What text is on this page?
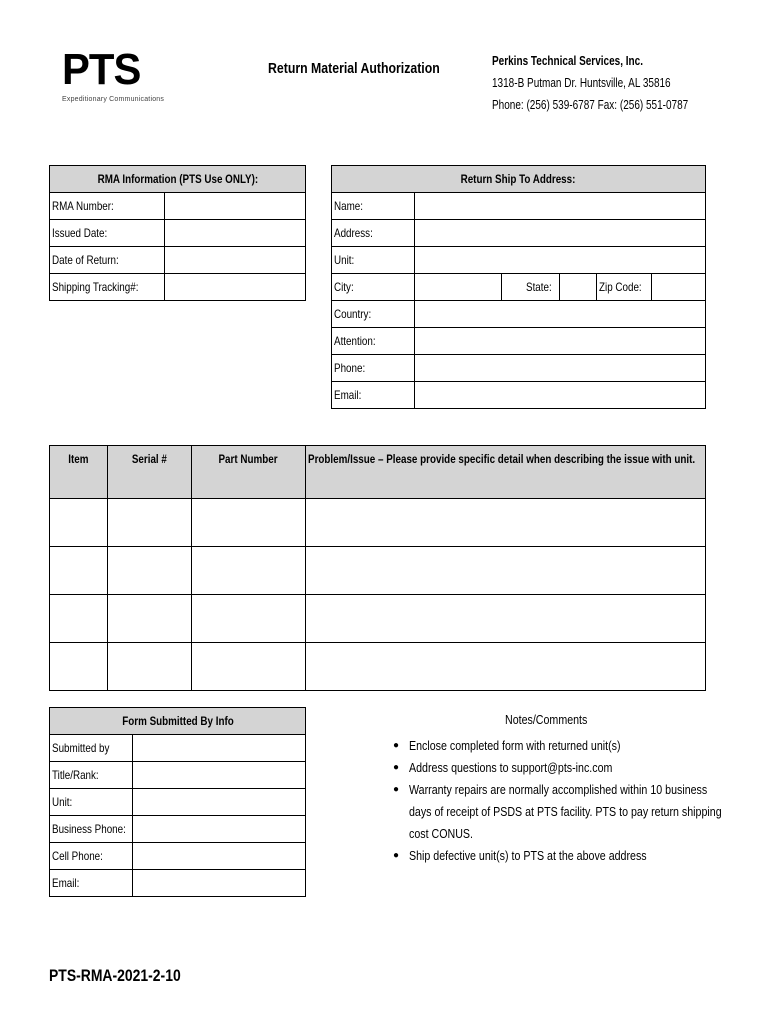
PTS
Expeditionary Communications
Return Material Authorization	Perkins Technical Services, Inc.
1318-B Putman Dr. Huntsville, AL 35816
Phone: (256) 539-6787 Fax: (256) 551-0787
RMA Information (PTS Use ONLY):	
RMA Number:	
Issued Date:	
Date of Return:	
Shipping Tracking#:	
Return Ship To Address:					
Name:					
Address:					
Unit:					
City:		State:		Zip Code:	
Country:					
Attention:					
Phone:					
Email:					
Item	Serial #	Part Number	Problem/Issue – Please provide specific detail when describing the issue with unit.

Form Submitted By Info	
Submitted by	
Title/Rank:	
Unit:	
Business Phone:	
Cell Phone:	
Email:	
Notes/Comments
● Enclose completed form with returned unit(s)
● Address questions to support@pts-inc.com
● Warranty repairs are normally accomplished within 10 business
days of receipt of PSDS at PTS facility. PTS to pay return shipping
cost CONUS.
● Ship defective unit(s) to PTS at the above address
PTS-RMA-2021-2-10
